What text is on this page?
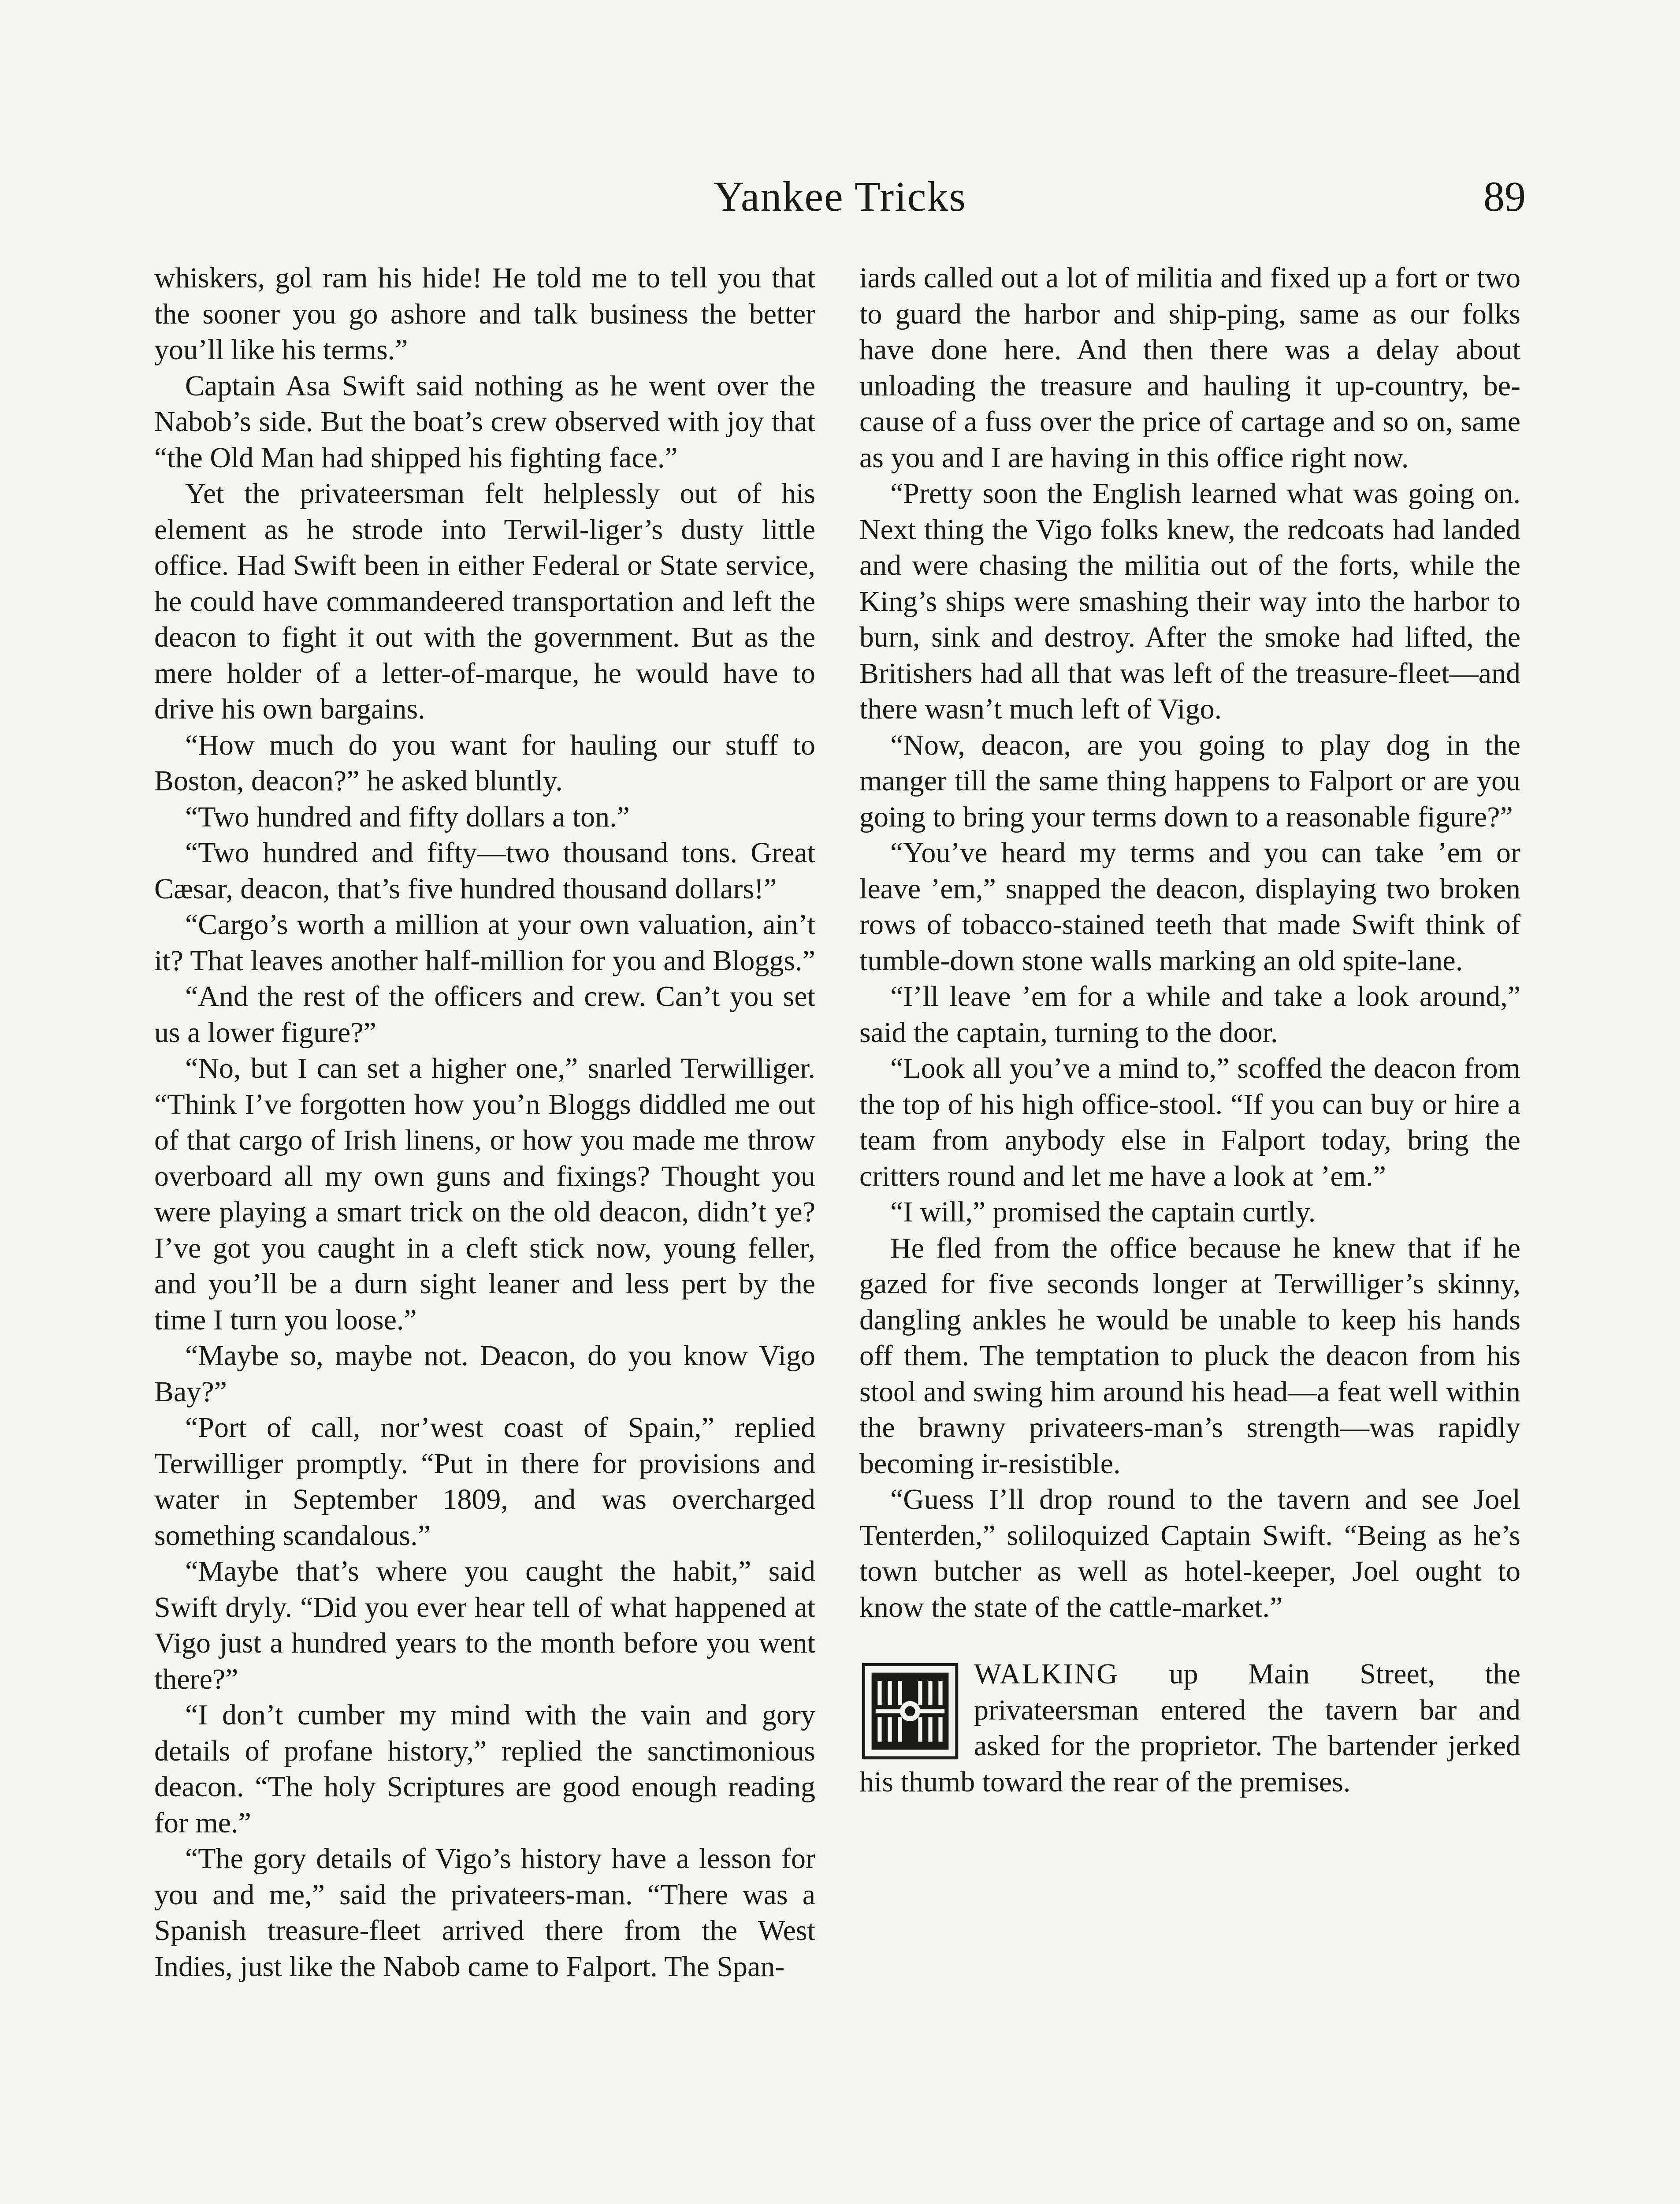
Yankee Tricks	89

whiskers, gol ram his hide! He told me to tell you that the sooner you go ashore and talk business the better you’ll like his terms.”

Captain Asa Swift said nothing as he went over the Nabob’s side. But the boat’s crew observed with joy that “the Old Man had shipped his fighting face.”

Yet the privateersman felt helplessly out of his element as he strode into Terwil-liger’s dusty little office. Had Swift been in either Federal or State service, he could have commandeered transportation and left the deacon to fight it out with the government. But as the mere holder of a letter-of-marque, he would have to drive his own bargains.

“How much do you want for hauling our stuff to Boston, deacon?” he asked bluntly.

“Two hundred and fifty dollars a ton.”

“Two hundred and fifty—two thousand tons. Great Cæsar, deacon, that’s five hundred thousand dollars!”

“Cargo’s worth a million at your own valuation, ain’t it? That leaves another half-million for you and Bloggs.”

“And the rest of the officers and crew. Can’t you set us a lower figure?”

“No, but I can set a higher one,” snarled Terwilliger. “Think I’ve forgotten how you’n Bloggs diddled me out of that cargo of Irish linens, or how you made me throw overboard all my own guns and fixings? Thought you were playing a smart trick on the old deacon, didn’t ye? I’ve got you caught in a cleft stick now, young feller, and you’ll be a durn sight leaner and less pert by the time I turn you loose.”

“Maybe so, maybe not. Deacon, do you know Vigo Bay?”

“Port of call, nor’west coast of Spain,” replied Terwilliger promptly. “Put in there for provisions and water in September 1809, and was overcharged something scandalous.”

“Maybe that’s where you caught the habit,” said Swift dryly. “Did you ever hear tell of what happened at Vigo just a hundred years to the month before you went there?”

“I don’t cumber my mind with the vain and gory details of profane history,” replied the sanctimonious deacon. “The holy Scriptures are good enough reading for me.”

“The gory details of Vigo’s history have a lesson for you and me,” said the privateers-man. “There was a Spanish treasure-fleet arrived there from the West Indies, just like the Nabob came to Falport. The Span-

iards called out a lot of militia and fixed up a fort or two to guard the harbor and ship-ping, same as our folks have done here. And then there was a delay about unloading the treasure and hauling it up-country, be-cause of a fuss over the price of cartage and so on, same as you and I are having in this office right now.

“Pretty soon the English learned what was going on. Next thing the Vigo folks knew, the redcoats had landed and were chasing the militia out of the forts, while the King’s ships were smashing their way into the harbor to burn, sink and destroy. After the smoke had lifted, the Britishers had all that was left of the treasure-fleet—and there wasn’t much left of Vigo.

“Now, deacon, are you going to play dog in the manger till the same thing happens to Falport or are you going to bring your terms down to a reasonable figure?”

“You’ve heard my terms and you can take ’em or leave ’em,” snapped the deacon, displaying two broken rows of tobacco-stained teeth that made Swift think of tumble-down stone walls marking an old spite-lane.

“I’ll leave ’em for a while and take a look around,” said the captain, turning to the door.

“Look all you’ve a mind to,” scoffed the deacon from the top of his high office-stool. “If you can buy or hire a team from anybody else in Falport today, bring the critters round and let me have a look at ’em.”

“I will,” promised the captain curtly.

He fled from the office because he knew that if he gazed for five seconds longer at Terwilliger’s skinny, dangling ankles he would be unable to keep his hands off them. The temptation to pluck the deacon from his stool and swing him around his head—a feat well within the brawny privateers-man’s strength—was rapidly becoming ir-resistible.

“Guess I’ll drop round to the tavern and see Joel Tenterden,” soliloquized Captain Swift. “Being as he’s town butcher as well as hotel-keeper, Joel ought to know the state of the cattle-market.”

WALKING up Main Street, the privateersman entered the tavern bar and asked for the proprietor. The bartender jerked his thumb toward the rear of the premises.
